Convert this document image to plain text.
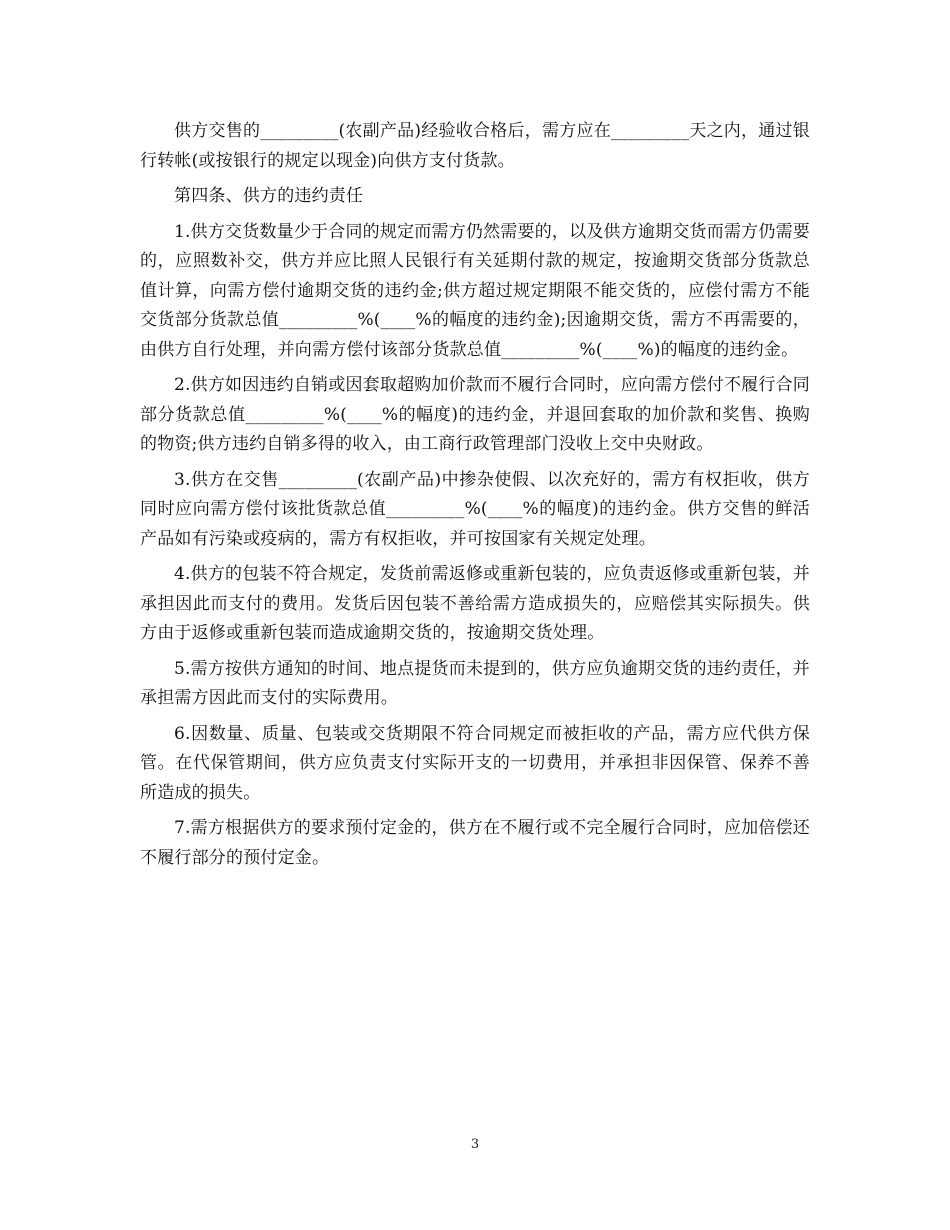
供方交售的_________(农副产品)经验收合格后，需方应在_________天之内，通过银行转帐(或按银行的规定以现金)向供方支付货款。

第四条、供方的违约责任

1.供方交货数量少于合同的规定而需方仍然需要的，以及供方逾期交货而需方仍需要的，应照数补交，供方并应比照人民银行有关延期付款的规定，按逾期交货部分货款总值计算，向需方偿付逾期交货的违约金;供方超过规定期限不能交货的，应偿付需方不能交货部分货款总值_________%(____%的幅度的违约金);因逾期交货，需方不再需要的，由供方自行处理，并向需方偿付该部分货款总值_________%(____%)的幅度的违约金。

2.供方如因违约自销或因套取超购加价款而不履行合同时，应向需方偿付不履行合同部分货款总值_________%(____%的幅度)的违约金，并退回套取的加价款和奖售、换购的物资;供方违约自销多得的收入，由工商行政管理部门没收上交中央财政。

3.供方在交售_________(农副产品)中掺杂使假、以次充好的，需方有权拒收，供方同时应向需方偿付该批货款总值_________%(____%的幅度)的违约金。供方交售的鲜活产品如有污染或疫病的，需方有权拒收，并可按国家有关规定处理。

4.供方的包装不符合规定，发货前需返修或重新包装的，应负责返修或重新包装，并承担因此而支付的费用。发货后因包装不善给需方造成损失的，应赔偿其实际损失。供方由于返修或重新包装而造成逾期交货的，按逾期交货处理。

5.需方按供方通知的时间、地点提货而未提到的，供方应负逾期交货的违约责任，并承担需方因此而支付的实际费用。

6.因数量、质量、包装或交货期限不符合同规定而被拒收的产品，需方应代供方保管。在代保管期间，供方应负责支付实际开支的一切费用，并承担非因保管、保养不善所造成的损失。

7.需方根据供方的要求预付定金的，供方在不履行或不完全履行合同时，应加倍偿还不履行部分的预付定金。

3
